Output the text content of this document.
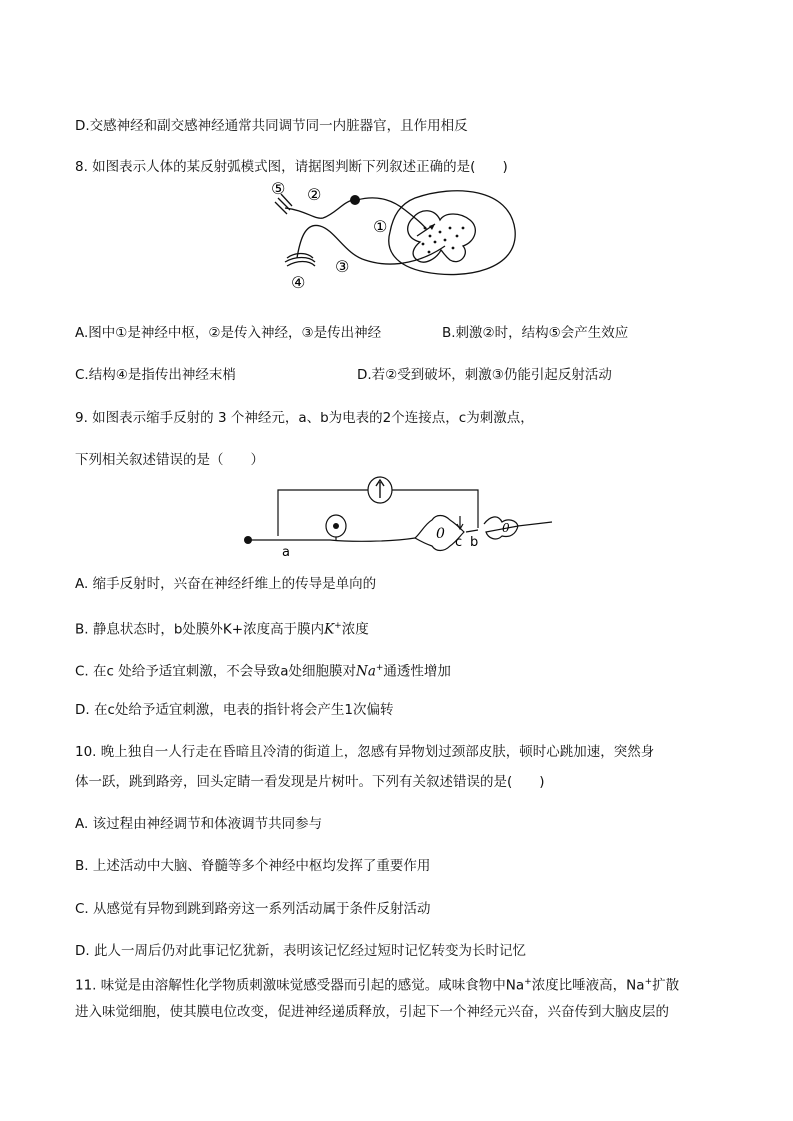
D.交感神经和副交感神经通常共同调节同一内脏器官，且作用相反
8. 如图表示人体的某反射弧模式图，请据图判断下列叙述正确的是(　　)
⑤ ②
①
③
④
A.图中①是神经中枢，②是传入神经，③是传出神经	B.刺激②时，结构⑤会产生效应
C.结构④是指传出神经末梢	D.若②受到破坏，刺激③仍能引起反射活动
9. 如图表示缩手反射的 3 个神经元，a、b为电表的2个连接点，c为刺激点，
下列相关叙述错误的是（　　）
0	0
a
c b
A. 缩手反射时，兴奋在神经纤维上的传导是单向的
B. 静息状态时，b处膜外K+浓度高于膜内K+浓度
C. 在c 处给予适宜刺激，不会导致a处细胞膜对Na+通透性增加
D. 在c处给予适宜刺激，电表的指针将会产生1次偏转
10. 晚上独自一人行走在昏暗且冷清的街道上，忽感有异物划过颈部皮肤，顿时心跳加速，突然身
体一跃，跳到路旁，回头定睛一看发现是片树叶。下列有关叙述错误的是(　　)
A. 该过程由神经调节和体液调节共同参与
B. 上述活动中大脑、脊髓等多个神经中枢均发挥了重要作用
C. 从感觉有异物到跳到路旁这一系列活动属于条件反射活动
D. 此人一周后仍对此事记忆犹新，表明该记忆经过短时记忆转变为长时记忆
11. 味觉是由溶解性化学物质刺激味觉感受器而引起的感觉。咸味食物中Na+浓度比唾液高，Na+扩散
进入味觉细胞，使其膜电位改变，促进神经递质释放，引起下一个神经元兴奋，兴奋传到大脑皮层的
